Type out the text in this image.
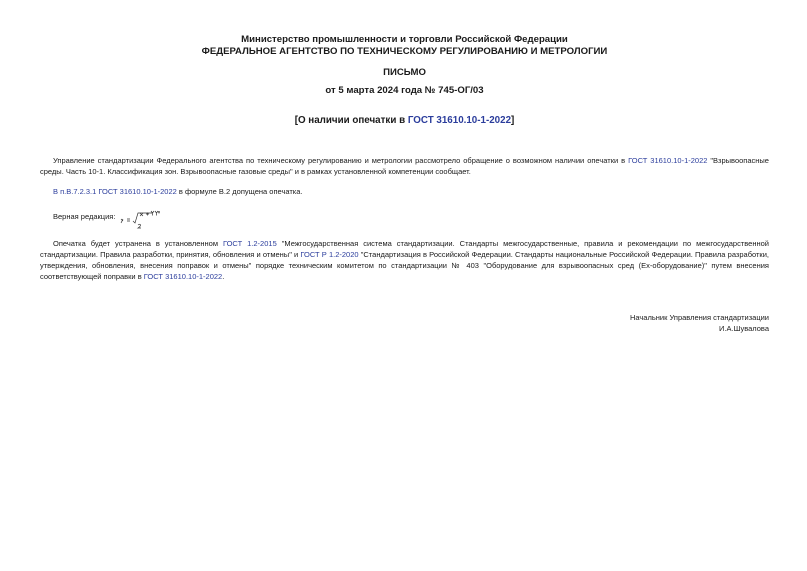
Министерство промышленности и торговли Российской Федерации
ФЕДЕРАЛЬНОЕ АГЕНТСТВО ПО ТЕХНИЧЕСКОМУ РЕГУЛИРОВАНИЮ И МЕТРОЛОГИИ
ПИСЬМО
от 5 марта 2024 года № 745-ОГ/03
[О наличии опечатки в ГОСТ 31610.10-1-2022]
Управление стандартизации Федерального агентства по техническому регулированию и метрологии рассмотрело обращение о возможном наличии опечатки в ГОСТ 31610.10-1-2022 "Взрывоопасные среды. Часть 10-1. Классификация зон. Взрывоопасные газовые среды" и в рамках установленной компетенции сообщает.
В п.В.7.2.3.1 ГОСТ 31610.10-1-2022 в формуле В.2 допущена опечатка.
Верная редакция:
Опечатка будет устранена в установленном ГОСТ 1.2-2015 "Межгосударственная система стандартизации. Стандарты межгосударственные, правила и рекомендации по межгосударственной стандартизации. Правила разработки, принятия, обновления и отмены" и ГОСТ Р 1.2-2020 "Стандартизация в Российской Федерации. Стандарты национальные Российской Федерации. Правила разработки, утверждения, обновления, внесения поправок и отмены" порядке техническим комитетом по стандартизации № 403 "Оборудование для взрывоопасных сред (Ex-оборудование)" путем внесения соответствующей поправки в ГОСТ 31610.10-1-2022.
Начальник Управления стандартизации
И.А.Шувалова
